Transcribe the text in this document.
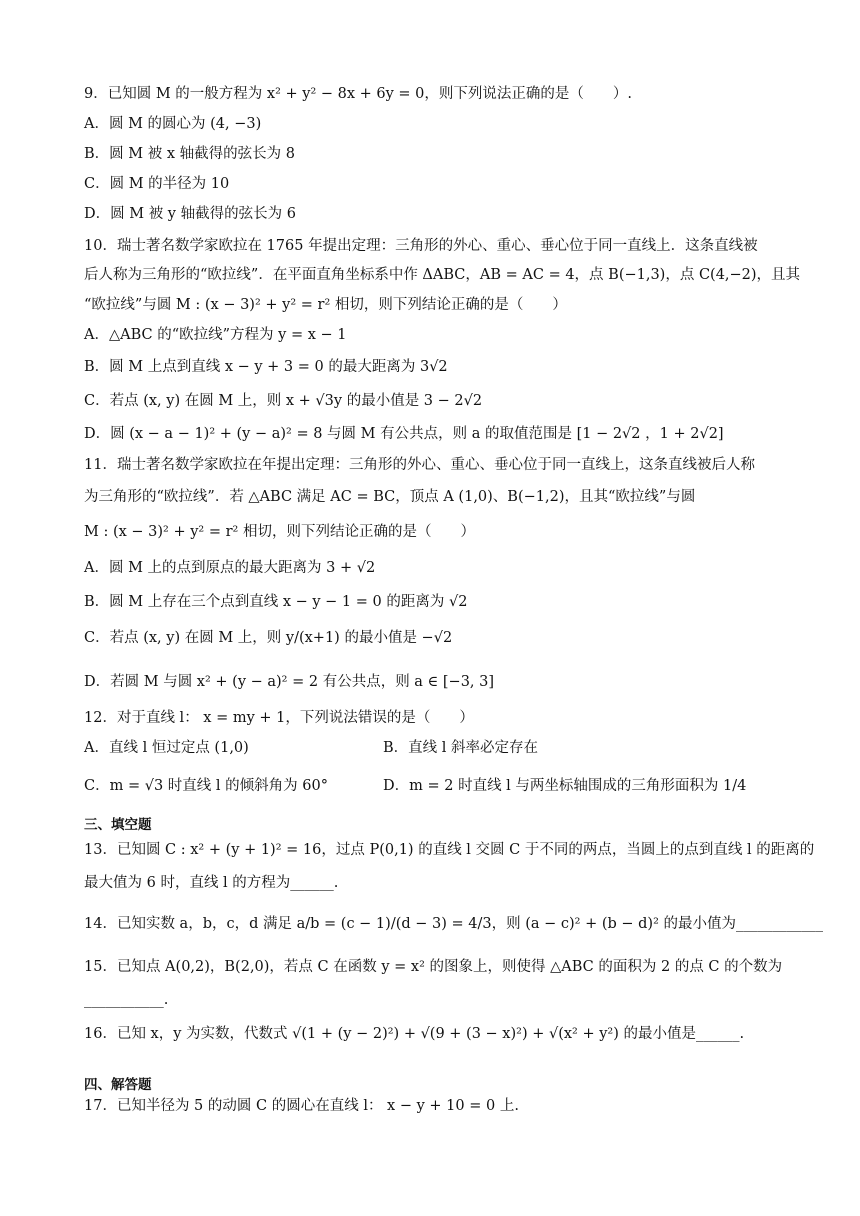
9．已知圆 M 的一般方程为 x² + y² − 8x + 6y = 0，则下列说法正确的是（　　）.
A．圆 M 的圆心为 (4, −3)
B．圆 M 被 x 轴截得的弦长为 8
C．圆 M 的半径为 10
D．圆 M 被 y 轴截得的弦长为 6
10．瑞士著名数学家欧拉在 1765 年提出定理：三角形的外心、重心、垂心位于同一直线上．这条直线被
后人称为三角形的“欧拉线”．在平面直角坐标系中作 ΔABC，AB = AC = 4，点 B(−1,3)，点 C(4,−2)，且其
“欧拉线”与圆 M : (x − 3)² + y² = r² 相切，则下列结论正确的是（　　）
A．△ABC 的“欧拉线”方程为 y = x − 1
B．圆 M 上点到直线 x − y + 3 = 0 的最大距离为 3√2
C．若点 (x, y) 在圆 M 上，则 x + √3y 的最小值是 3 − 2√2
D．圆 (x − a − 1)² + (y − a)² = 8 与圆 M 有公共点，则 a 的取值范围是 [1 − 2√2 ，1 + 2√2]
11．瑞士著名数学家欧拉在年提出定理：三角形的外心、重心、垂心位于同一直线上，这条直线被后人称
为三角形的“欧拉线”．若 △ABC 满足 AC = BC，顶点 A (1,0)、B(−1,2)，且其“欧拉线”与圆
M : (x − 3)² + y² = r² 相切，则下列结论正确的是（　　）
A．圆 M 上的点到原点的最大距离为 3 + √2
B．圆 M 上存在三个点到直线 x − y − 1 = 0 的距离为 √2
C．若点 (x, y) 在圆 M 上，则 y/(x+1) 的最小值是 −√2
D．若圆 M 与圆 x² + (y − a)² = 2 有公共点，则 a ∈ [−3, 3]
12．对于直线 l： x = my + 1，下列说法错误的是（　　）
A．直线 l 恒过定点 (1,0)	B．直线 l 斜率必定存在
C．m = √3 时直线 l 的倾斜角为 60°	D．m = 2 时直线 l 与两坐标轴围成的三角形面积为 1/4
三、填空题
13．已知圆 C : x² + (y + 1)² = 16，过点 P(0,1) 的直线 l 交圆 C 于不同的两点，当圆上的点到直线 l 的距离的
最大值为 6 时，直线 l 的方程为______.
14．已知实数 a，b，c，d 满足 a/b = (c − 1)/(d − 3) = 4/3，则 (a − c)² + (b − d)² 的最小值为____________
15．已知点 A(0,2)，B(2,0)，若点 C 在函数 y = x² 的图象上，则使得 △ABC 的面积为 2 的点 C 的个数为
___________.
16．已知 x，y 为实数，代数式 √(1 + (y − 2)²) + √(9 + (3 − x)²) + √(x² + y²) 的最小值是______.
四、解答题
17．已知半径为 5 的动圆 C 的圆心在直线 l： x − y + 10 = 0 上.
